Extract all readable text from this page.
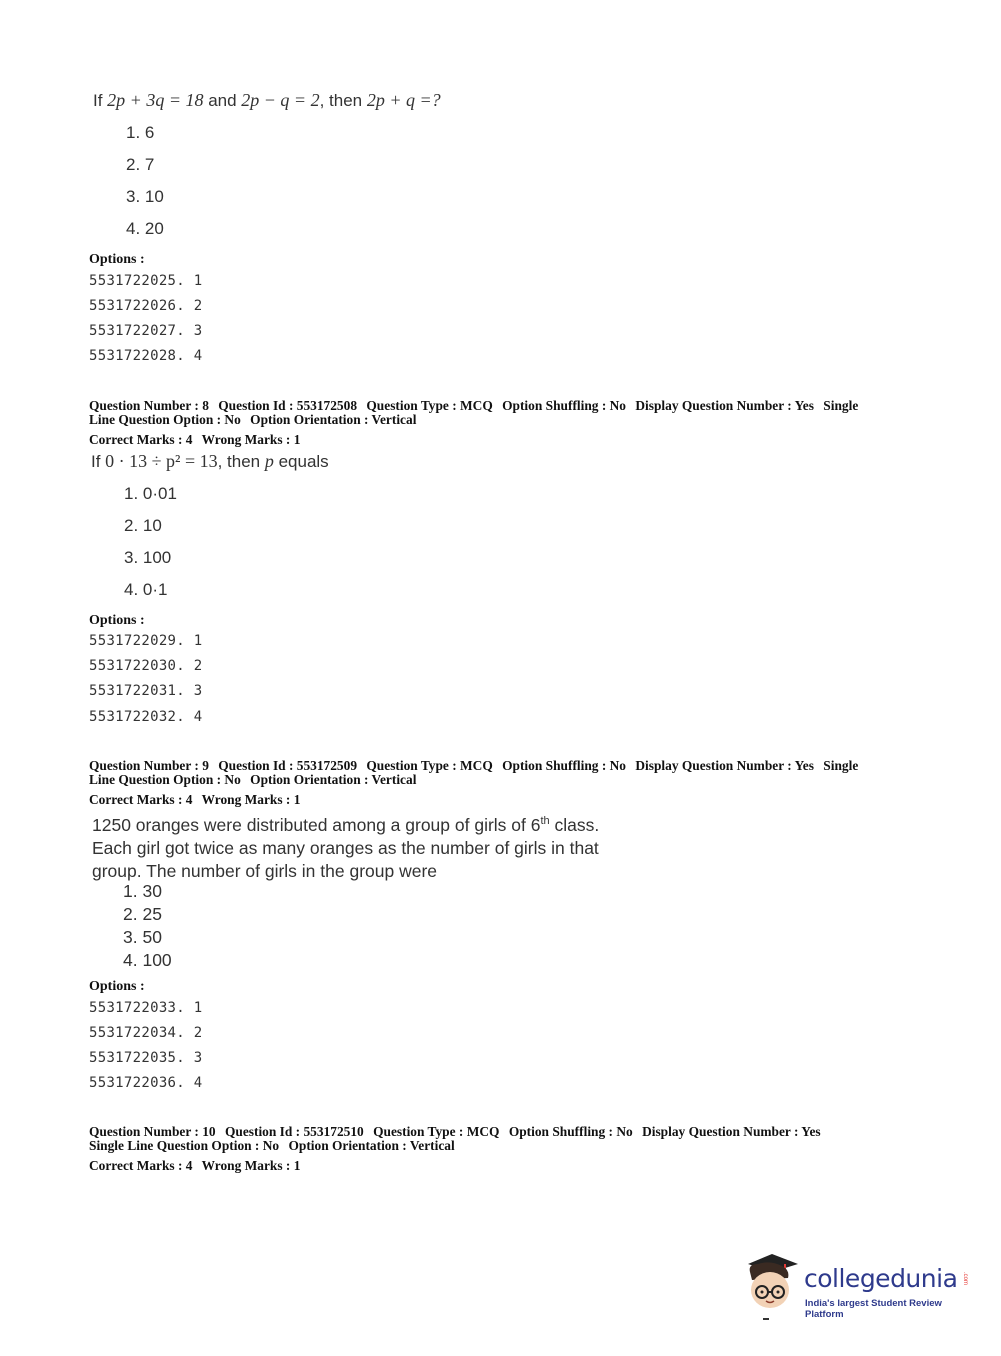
If 2p + 3q = 18 and 2p − q = 2, then 2p + q =?
1. 6
2. 7
3. 10
4. 20
Options :
5531722025. 1
5531722026. 2
5531722027. 3
5531722028. 4
Question Number : 8 Question Id : 553172508 Question Type : MCQ Option Shuffling : No Display Question Number : Yes Single
Line Question Option : No Option Orientation : Vertical
Correct Marks : 4 Wrong Marks : 1
If 0 · 13 ÷ p² = 13, then p equals
1. 0·01
2. 10
3. 100
4. 0·1
Options :
5531722029. 1
5531722030. 2
5531722031. 3
5531722032. 4
Question Number : 9 Question Id : 553172509 Question Type : MCQ Option Shuffling : No Display Question Number : Yes Single
Line Question Option : No Option Orientation : Vertical
Correct Marks : 4 Wrong Marks : 1
1250 oranges were distributed among a group of girls of 6th class.
Each girl got twice as many oranges as the number of girls in that
group. The number of girls in the group were
1. 30
2. 25
3. 50
4. 100
Options :
5531722033. 1
5531722034. 2
5531722035. 3
5531722036. 4
Question Number : 10 Question Id : 553172510 Question Type : MCQ Option Shuffling : No Display Question Number : Yes
Single Line Question Option : No Option Orientation : Vertical
Correct Marks : 4 Wrong Marks : 1
collegedunia .com
India's largest Student Review Platform
